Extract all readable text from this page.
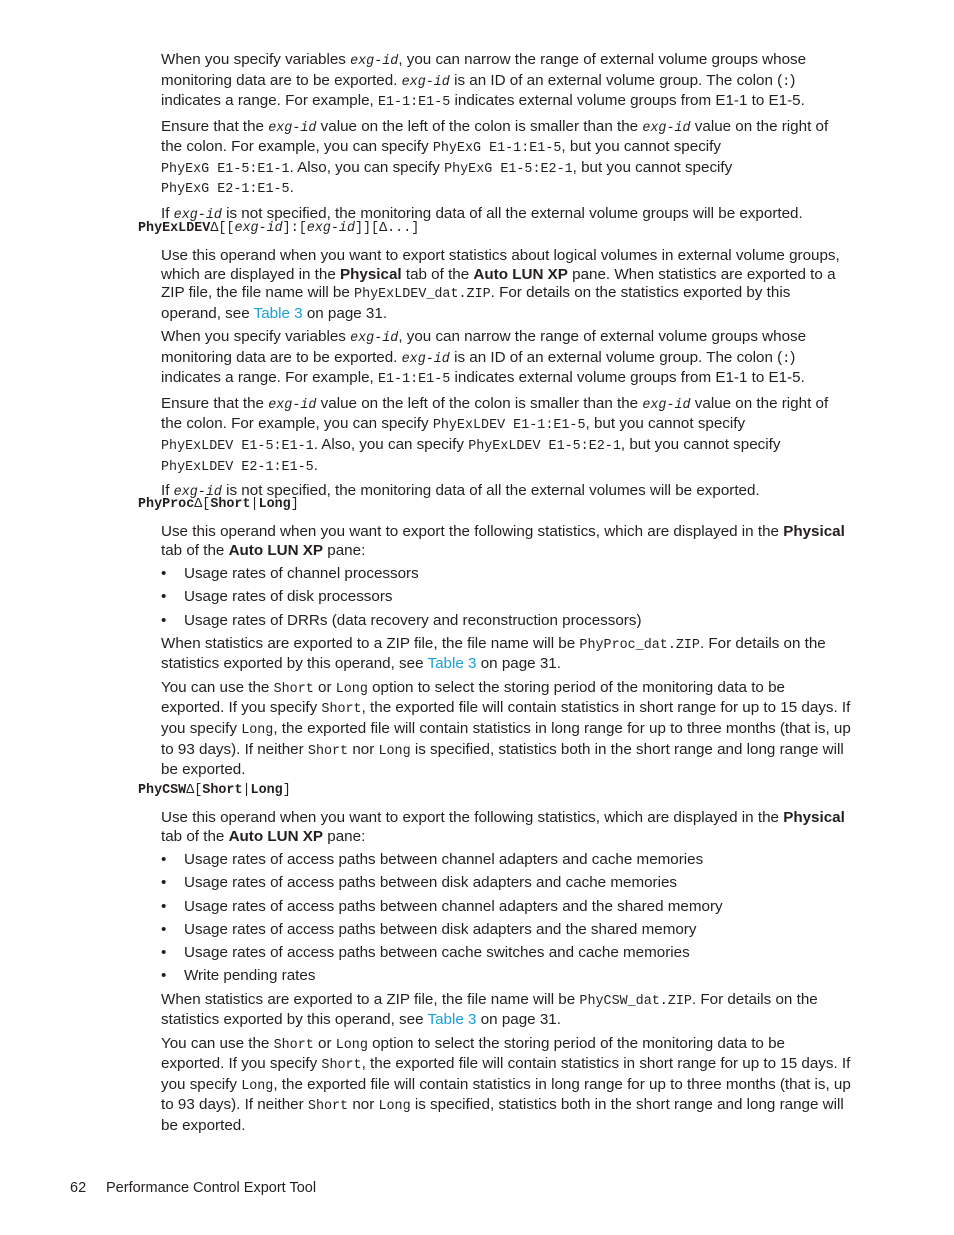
When you specify variables exg-id, you can narrow the range of external volume groups whose monitoring data are to be exported. exg-id is an ID of an external volume group. The colon (:) indicates a range. For example, E1-1:E1-5 indicates external volume groups from E1-1 to E1-5.

Ensure that the exg-id value on the left of the colon is smaller than the exg-id value on the right of the colon. For example, you can specify PhyExG E1-1:E1-5, but you cannot specify
PhyExG E1-5:E1-1. Also, you can specify PhyExG E1-5:E2-1, but you cannot specify
PhyExG E2-1:E1-5.

If exg-id is not specified, the monitoring data of all the external volume groups will be exported.

PhyExLDEVΔ[[exg-id]:[exg-id]][Δ...]

Use this operand when you want to export statistics about logical volumes in external volume groups, which are displayed in the Physical tab of the Auto LUN XP pane. When statistics are exported to a ZIP file, the file name will be PhyExLDEV_dat.ZIP. For details on the statistics exported by this operand, see Table 3 on page 31.

When you specify variables exg-id, you can narrow the range of external volume groups whose monitoring data are to be exported. exg-id is an ID of an external volume group. The colon (:) indicates a range. For example, E1-1:E1-5 indicates external volume groups from E1-1 to E1-5.

Ensure that the exg-id value on the left of the colon is smaller than the exg-id value on the right of the colon. For example, you can specify PhyExLDEV E1-1:E1-5, but you cannot specify
PhyExLDEV E1-5:E1-1. Also, you can specify PhyExLDEV E1-5:E2-1, but you cannot specify
PhyExLDEV E2-1:E1-5.

If exg-id is not specified, the monitoring data of all the external volumes will be exported.

PhyProcΔ[Short|Long]

Use this operand when you want to export the following statistics, which are displayed in the Physical tab of the Auto LUN XP pane:

• Usage rates of channel processors
• Usage rates of disk processors
• Usage rates of DRRs (data recovery and reconstruction processors)

When statistics are exported to a ZIP file, the file name will be PhyProc_dat.ZIP. For details on the statistics exported by this operand, see Table 3 on page 31.

You can use the Short or Long option to select the storing period of the monitoring data to be exported. If you specify Short, the exported file will contain statistics in short range for up to 15 days. If you specify Long, the exported file will contain statistics in long range for up to three months (that is, up to 93 days). If neither Short nor Long is specified, statistics both in the short range and long range will be exported.

PhyCSWΔ[Short|Long]

Use this operand when you want to export the following statistics, which are displayed in the Physical tab of the Auto LUN XP pane:

• Usage rates of access paths between channel adapters and cache memories
• Usage rates of access paths between disk adapters and cache memories
• Usage rates of access paths between channel adapters and the shared memory
• Usage rates of access paths between disk adapters and the shared memory
• Usage rates of access paths between cache switches and cache memories
• Write pending rates

When statistics are exported to a ZIP file, the file name will be PhyCSW_dat.ZIP. For details on the statistics exported by this operand, see Table 3 on page 31.

You can use the Short or Long option to select the storing period of the monitoring data to be exported. If you specify Short, the exported file will contain statistics in short range for up to 15 days. If you specify Long, the exported file will contain statistics in long range for up to three months (that is, up to 93 days). If neither Short nor Long is specified, statistics both in the short range and long range will be exported.

62 Performance Control Export Tool
